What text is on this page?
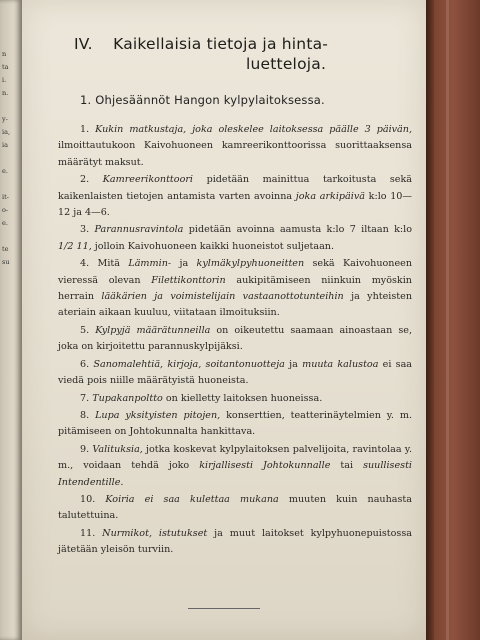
n
ta
i.
n.
y-
ia,
ia
e.
it-
o-
e.
te
su
IV. Kaikellaisia tietoja ja hinta-
luetteloja.
1. Ohjesäännöt Hangon kylpylaitoksessa.

1. Kukin matkustaja, joka oleskelee laitoksessa päälle 3 päivän, ilmoittautukoon Kaivohuoneen kamreerikonttoorissa suorittaaksensa määrätyt maksut.

2. Kamreerikonttoori pidetään mainittua tarkoitusta sekä kaikenlaisten tietojen antamista varten avoinna joka arkipäivä k:lo 10—12 ja 4—6.

3. Parannusravintola pidetään avoinna aamusta k:lo 7 iltaan k:lo 1/2 11, jolloin Kaivohuoneen kaikki huoneistot suljetaan.

4. Mitä Lämmin- ja kylmäkylpyhuoneitten sekä Kaivohuoneen vieressä olevan Filettikonttorin aukipitämiseen niinkuin myöskin herrain lääkärien ja voimistelijain vastaanottotunteihin ja yhteisten ateriain aikaan kuuluu, viitataan ilmoituksiin.

5. Kylpyjä määrätunneilla on oikeutettu saamaan ainoastaan se, joka on kirjoitettu parannuskylpijäksi.

6. Sanomalehtiä, kirjoja, soitantonuotteja ja muuta kalustoa ei saa viedä pois niille määrätyistä huoneista.

7. Tupakanpoltto on kielletty laitoksen huoneissa.

8. Lupa yksityisten pitojen, konserttien, teatterinäytelmien y. m. pitämiseen on Johtokunnalta hankittava.

9. Valituksia, jotka koskevat kylpylaitoksen palvelijoita, ravintolaa y. m., voidaan tehdä joko kirjallisesti Johtokunnalle tai suullisesti Intendentille.

10. Koiria ei saa kulettaa mukana muuten kuin nauhasta talutettuina.

11. Nurmikot, istutukset ja muut laitokset kylpyhuonepuistossa jätetään yleisön turviin.
